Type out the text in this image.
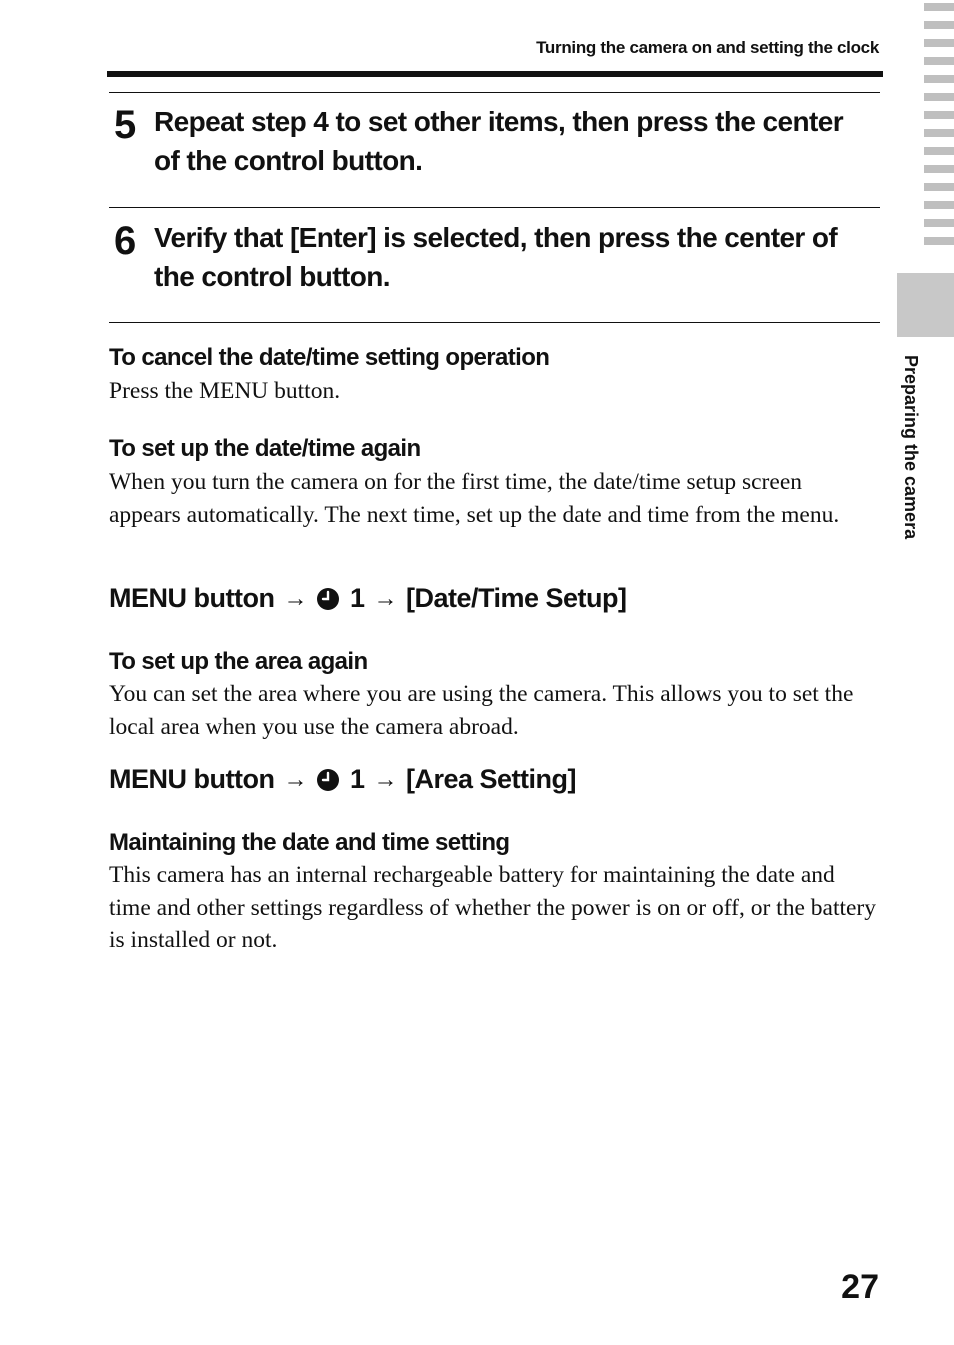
Turning the camera on and setting the clock
Preparing the camera
5 Repeat step 4 to set other items, then press the center of the control button.
6 Verify that [Enter] is selected, then press the center of the control button.
To cancel the date/time setting operation
Press the MENU button.
To set up the date/time again
When you turn the camera on for the first time, the date/time setup screen appears automatically. The next time, set up the date and time from the menu.
MENU button → 1 → [Date/Time Setup]
To set up the area again
You can set the area where you are using the camera. This allows you to set the local area when you use the camera abroad.
MENU button → 1 → [Area Setting]
Maintaining the date and time setting
This camera has an internal rechargeable battery for maintaining the date and time and other settings regardless of whether the power is on or off, or the battery is installed or not.
27
